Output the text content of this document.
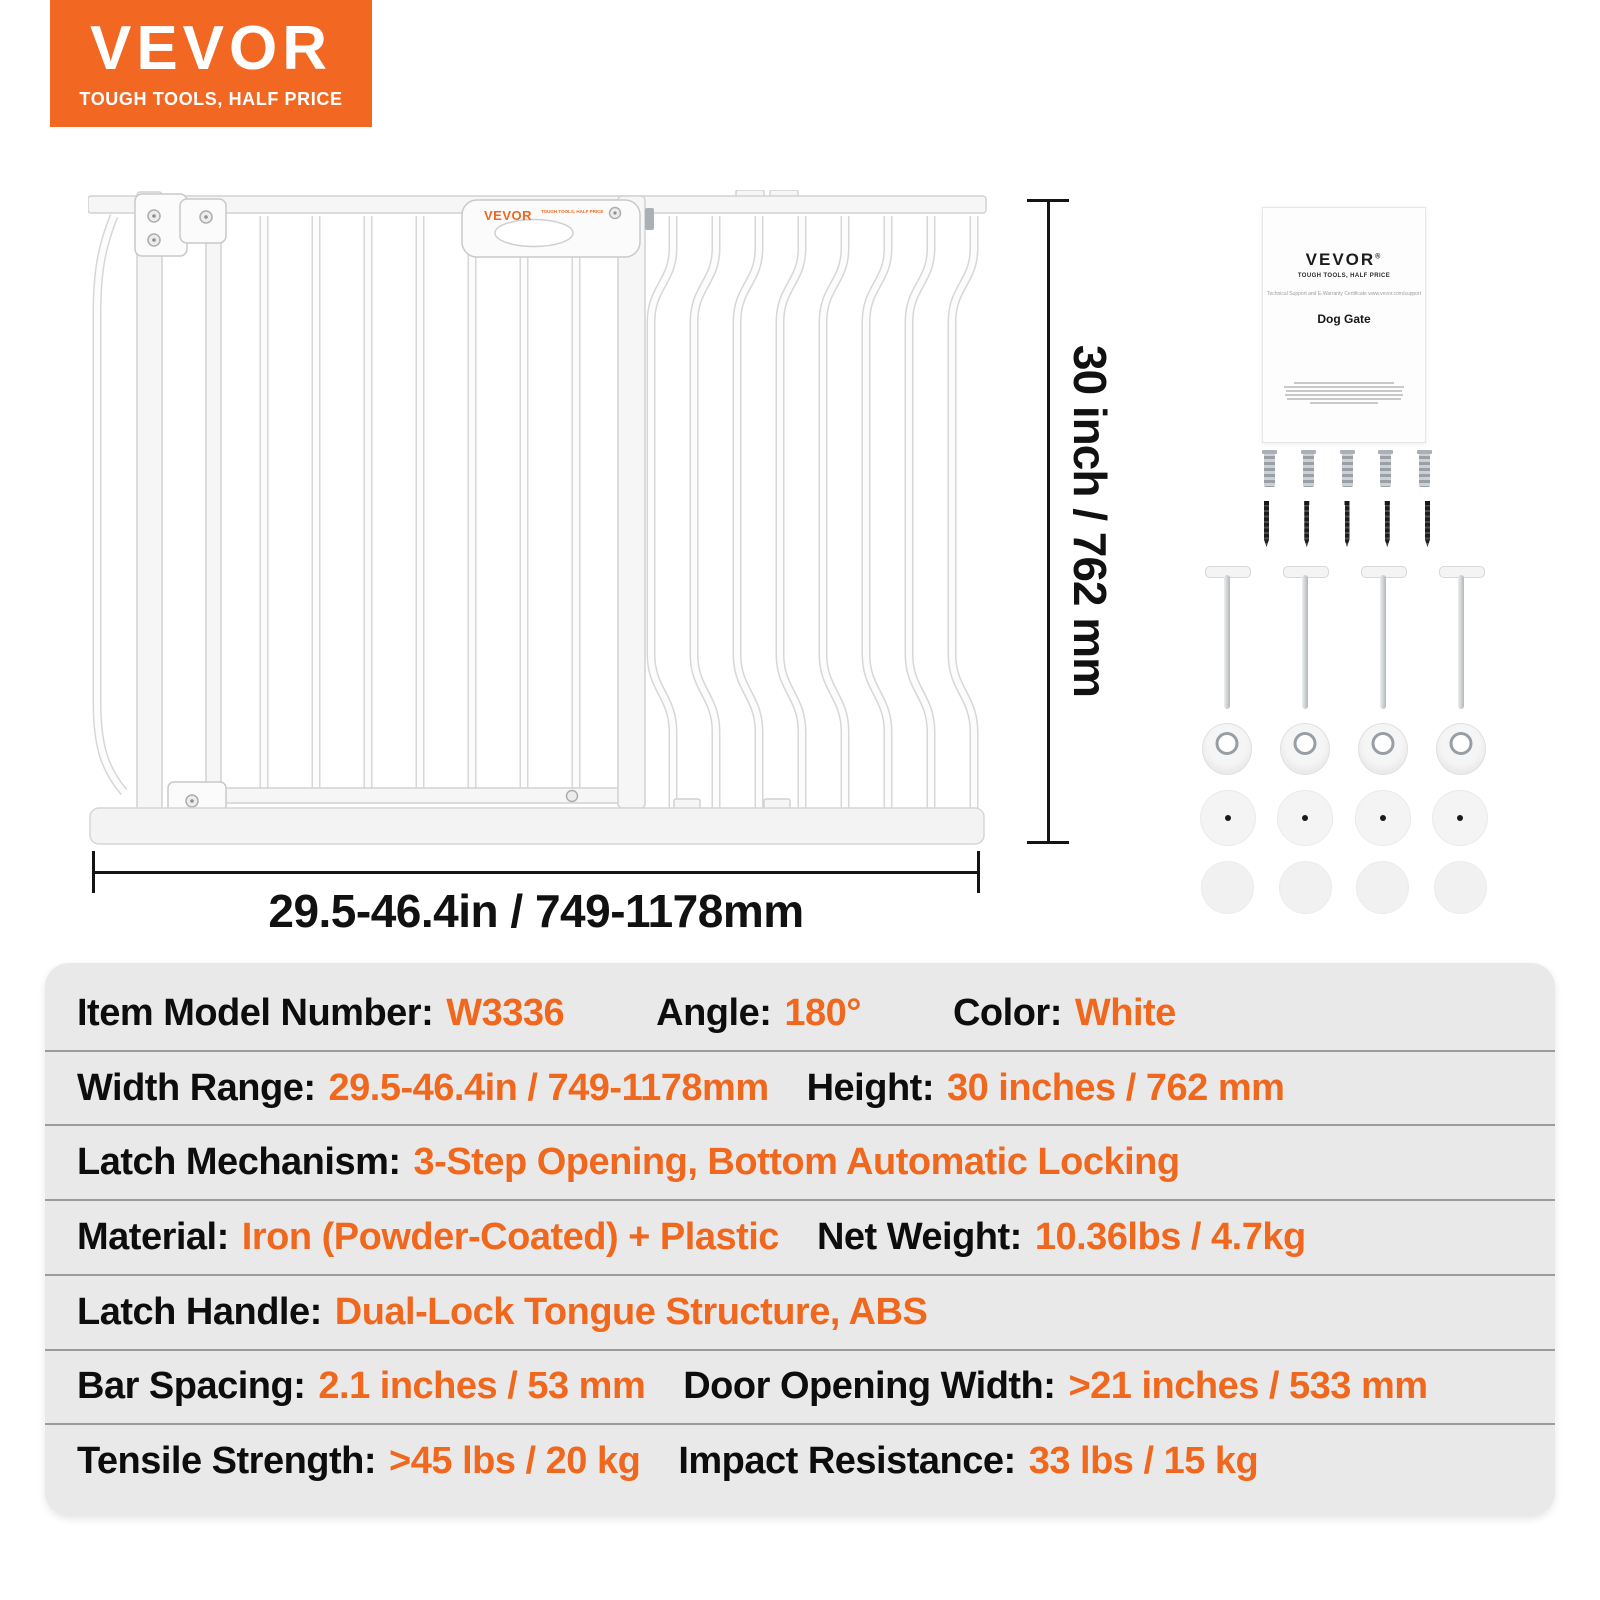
VEVOR
TOUGH TOOLS, HALF PRICE
VEVOR TOUGH TOOLS, HALF PRICE
30 inch / 762 mm
29.5-46.4in / 749-1178mm
VEVOR®
TOUGH TOOLS, HALF PRICE
Technical Support and E-Warranty Certificate www.vevor.com/support
Dog Gate
Item Model Number: W3336 Angle: 180° Color: White
Width Range: 29.5-46.4in / 749-1178mm Height: 30 inches / 762 mm
Latch Mechanism: 3-Step Opening, Bottom Automatic Locking
Material: Iron (Powder-Coated) + Plastic Net Weight: 10.36lbs / 4.7kg
Latch Handle: Dual-Lock Tongue Structure, ABS
Bar Spacing: 2.1 inches / 53 mm Door Opening Width: >21 inches / 533 mm
Tensile Strength: >45 lbs / 20 kg Impact Resistance: 33 lbs / 15 kg
